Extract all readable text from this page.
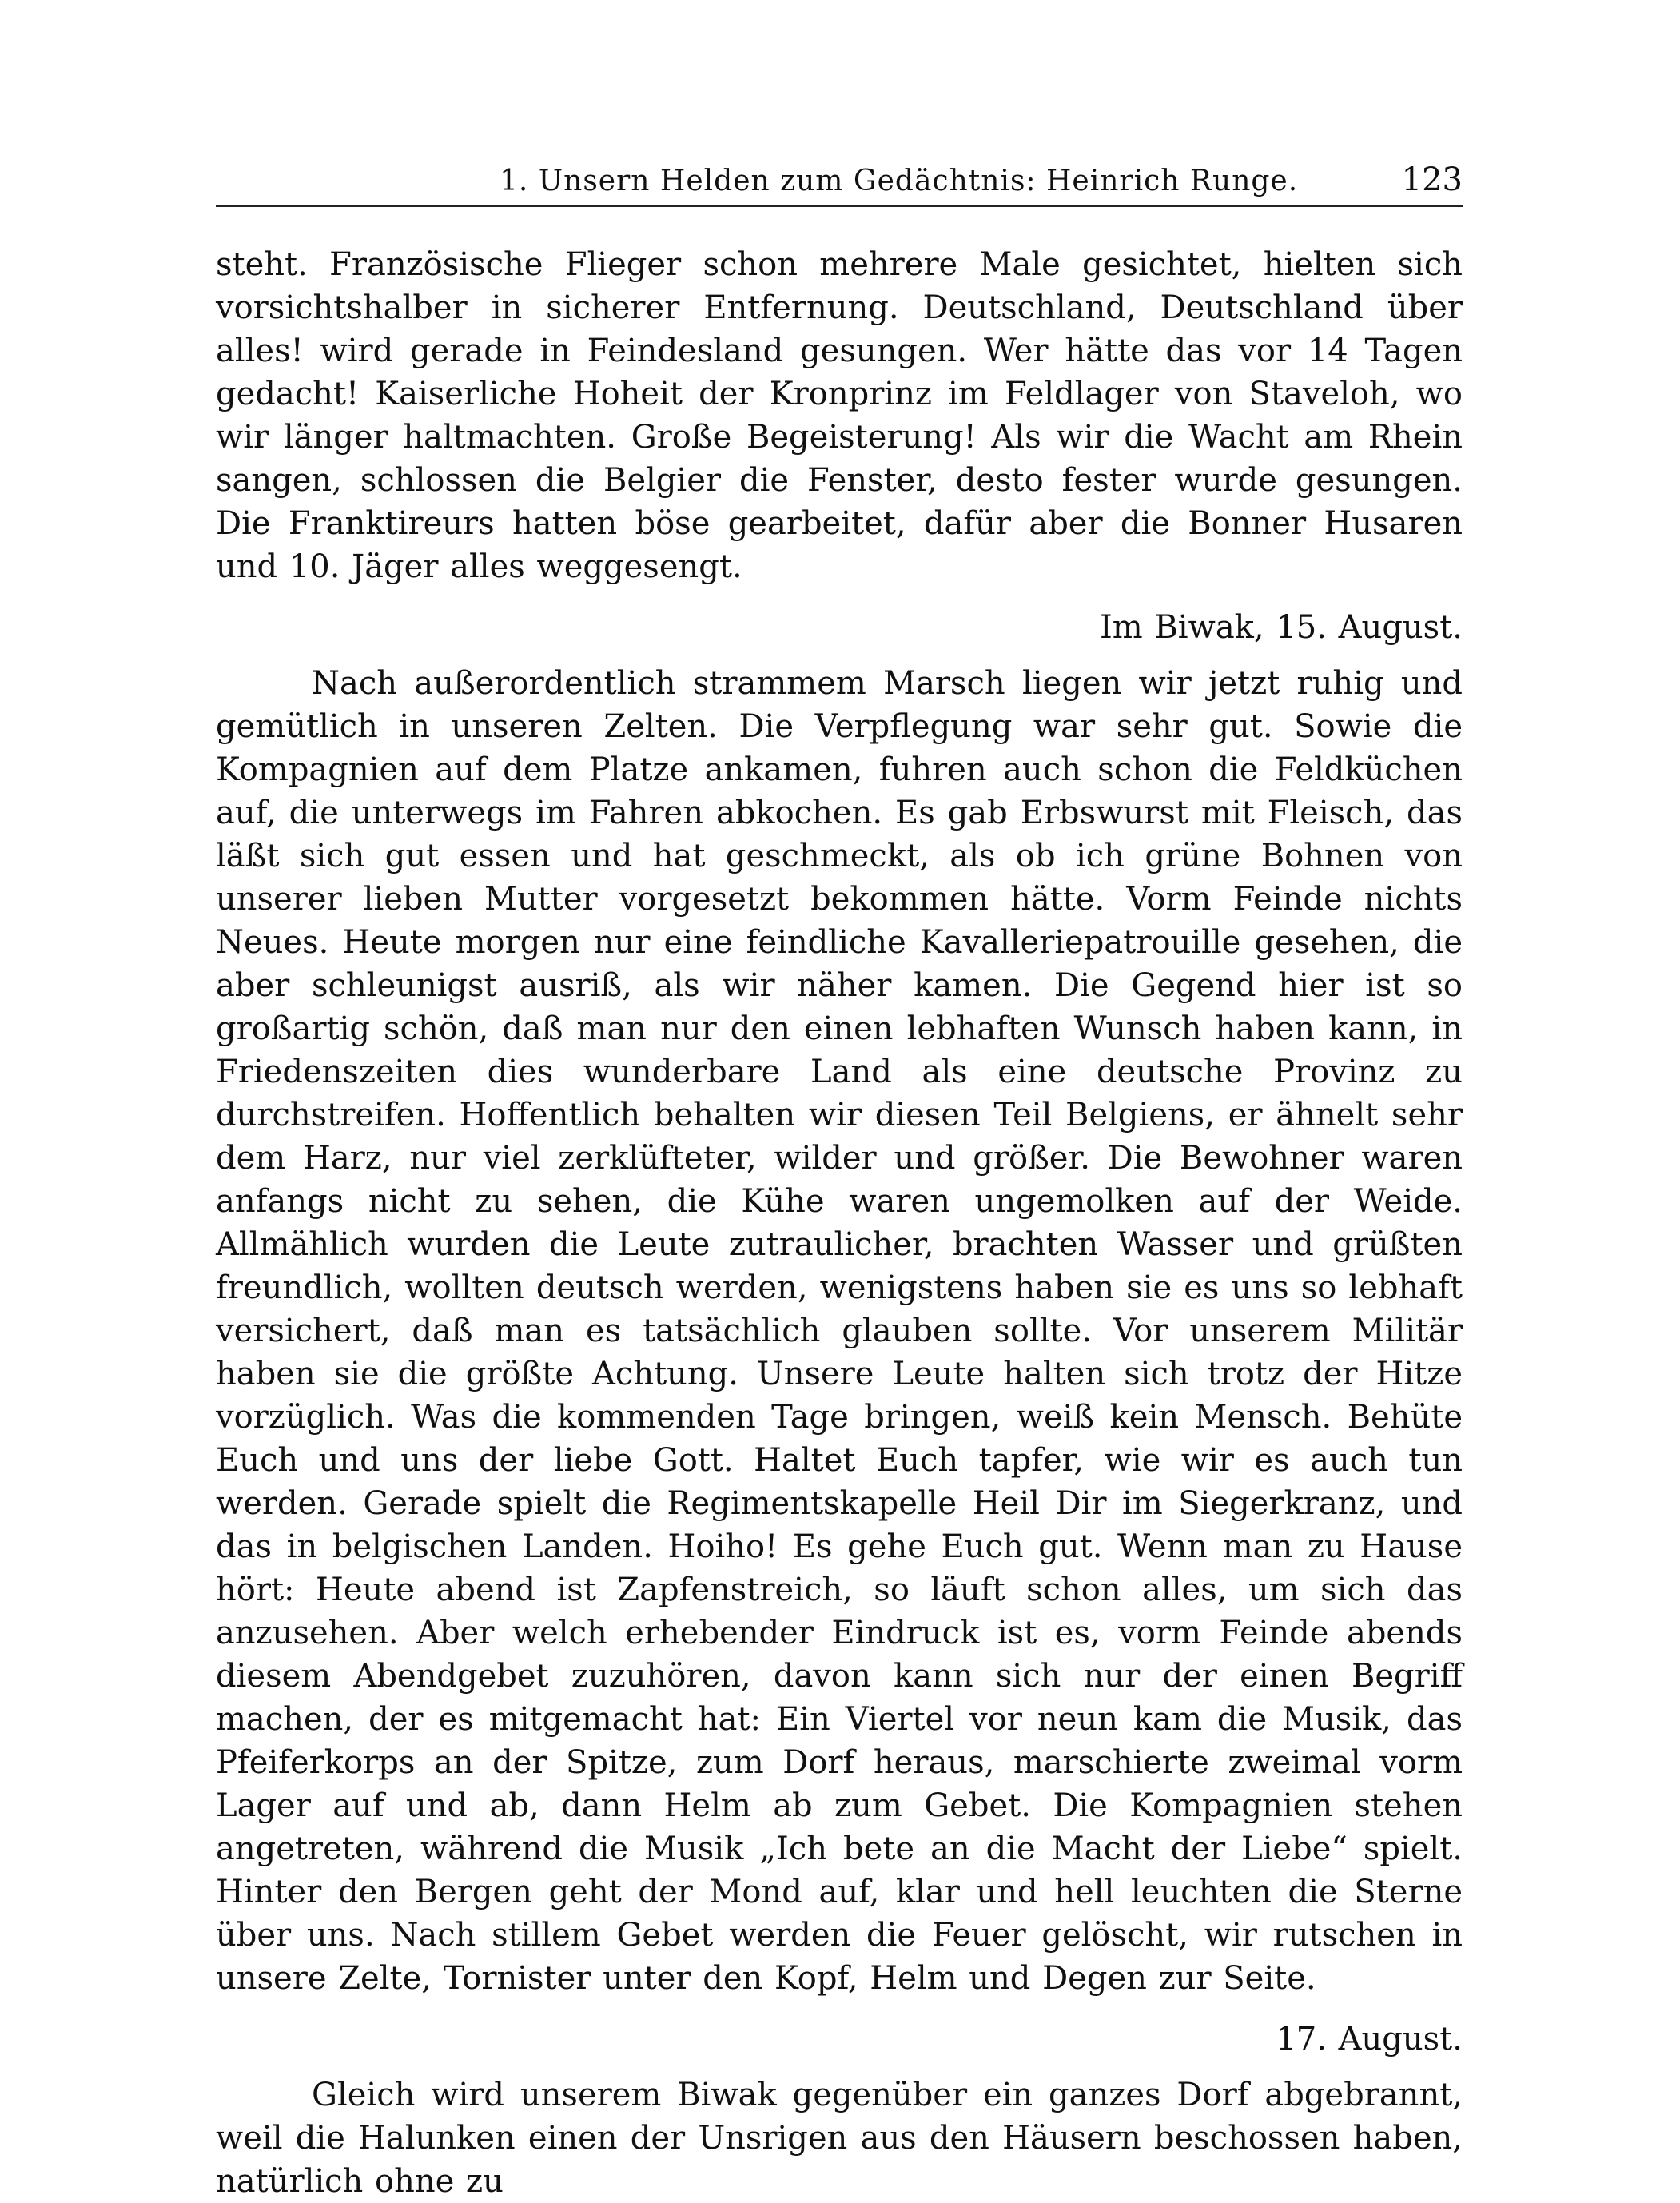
1. Unsern Helden zum Gedächtnis: Heinrich Runge.	123

steht. Französische Flieger schon mehrere Male gesichtet, hielten sich vorsichtshalber in sicherer Entfernung. Deutschland, Deutschland über alles! wird gerade in Feindesland gesungen. Wer hätte das vor 14 Tagen gedacht! Kaiserliche Hoheit der Kronprinz im Feldlager von Staveloh, wo wir länger haltmachten. Große Begeisterung! Als wir die Wacht am Rhein sangen, schlossen die Belgier die Fenster, desto fester wurde gesungen. Die Franktireurs hatten böse gearbeitet, dafür aber die Bonner Husaren und 10. Jäger alles weggesengt.

Im Biwak, 15. August.

Nach außerordentlich strammem Marsch liegen wir jetzt ruhig und gemütlich in unseren Zelten. Die Verpflegung war sehr gut. Sowie die Kompagnien auf dem Platze ankamen, fuhren auch schon die Feldküchen auf, die unterwegs im Fahren abkochen. Es gab Erbswurst mit Fleisch, das läßt sich gut essen und hat geschmeckt, als ob ich grüne Bohnen von unserer lieben Mutter vorgesetzt bekommen hätte. Vorm Feinde nichts Neues. Heute morgen nur eine feindliche Kavalleriepatrouille gesehen, die aber schleunigst ausriß, als wir näher kamen. Die Gegend hier ist so großartig schön, daß man nur den einen lebhaften Wunsch haben kann, in Friedenszeiten dies wunderbare Land als eine deutsche Provinz zu durchstreifen. Hoffentlich behalten wir diesen Teil Belgiens, er ähnelt sehr dem Harz, nur viel zerklüfteter, wilder und größer. Die Bewohner waren anfangs nicht zu sehen, die Kühe waren ungemolken auf der Weide. Allmählich wurden die Leute zutraulicher, brachten Wasser und grüßten freundlich, wollten deutsch werden, wenigstens haben sie es uns so lebhaft versichert, daß man es tatsächlich glauben sollte. Vor unserem Militär haben sie die größte Achtung. Unsere Leute halten sich trotz der Hitze vorzüglich. Was die kommenden Tage bringen, weiß kein Mensch. Behüte Euch und uns der liebe Gott. Haltet Euch tapfer, wie wir es auch tun werden. Gerade spielt die Regimentskapelle Heil Dir im Siegerkranz, und das in belgischen Landen. Hoiho! Es gehe Euch gut. Wenn man zu Hause hört: Heute abend ist Zapfenstreich, so läuft schon alles, um sich das anzusehen. Aber welch erhebender Eindruck ist es, vorm Feinde abends diesem Abendgebet zuzuhören, davon kann sich nur der einen Begriff machen, der es mitgemacht hat: Ein Viertel vor neun kam die Musik, das Pfeiferkorps an der Spitze, zum Dorf heraus, marschierte zweimal vorm Lager auf und ab, dann Helm ab zum Gebet. Die Kompagnien stehen angetreten, während die Musik „Ich bete an die Macht der Liebe“ spielt. Hinter den Bergen geht der Mond auf, klar und hell leuchten die Sterne über uns. Nach stillem Gebet werden die Feuer gelöscht, wir rutschen in unsere Zelte, Tornister unter den Kopf, Helm und Degen zur Seite.

17. August.

Gleich wird unserem Biwak gegenüber ein ganzes Dorf abgebrannt, weil die Halunken einen der Unsrigen aus den Häusern beschossen haben, natürlich ohne zu
